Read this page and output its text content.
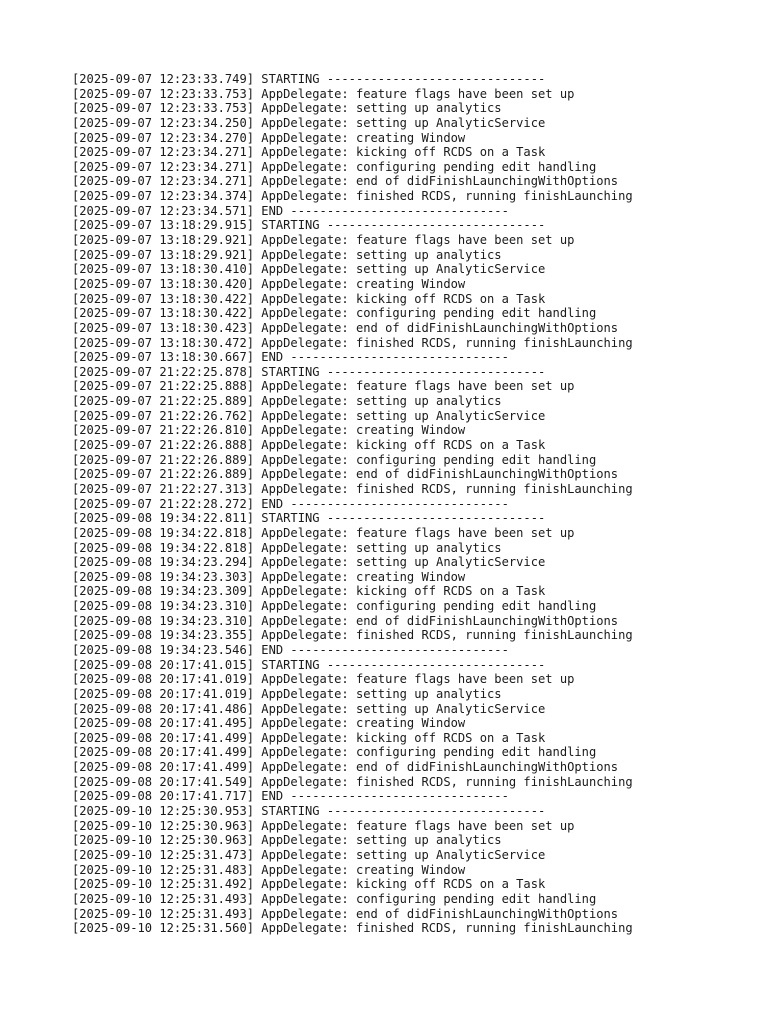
[2025-09-07 12:23:33.749] STARTING ------------------------------
[2025-09-07 12:23:33.753] AppDelegate: feature flags have been set up
[2025-09-07 12:23:33.753] AppDelegate: setting up analytics
[2025-09-07 12:23:34.250] AppDelegate: setting up AnalyticService
[2025-09-07 12:23:34.270] AppDelegate: creating Window
[2025-09-07 12:23:34.271] AppDelegate: kicking off RCDS on a Task
[2025-09-07 12:23:34.271] AppDelegate: configuring pending edit handling
[2025-09-07 12:23:34.271] AppDelegate: end of didFinishLaunchingWithOptions
[2025-09-07 12:23:34.374] AppDelegate: finished RCDS, running finishLaunching
[2025-09-07 12:23:34.571] END ------------------------------
[2025-09-07 13:18:29.915] STARTING ------------------------------
[2025-09-07 13:18:29.921] AppDelegate: feature flags have been set up
[2025-09-07 13:18:29.921] AppDelegate: setting up analytics
[2025-09-07 13:18:30.410] AppDelegate: setting up AnalyticService
[2025-09-07 13:18:30.420] AppDelegate: creating Window
[2025-09-07 13:18:30.422] AppDelegate: kicking off RCDS on a Task
[2025-09-07 13:18:30.422] AppDelegate: configuring pending edit handling
[2025-09-07 13:18:30.423] AppDelegate: end of didFinishLaunchingWithOptions
[2025-09-07 13:18:30.472] AppDelegate: finished RCDS, running finishLaunching
[2025-09-07 13:18:30.667] END ------------------------------
[2025-09-07 21:22:25.878] STARTING ------------------------------
[2025-09-07 21:22:25.888] AppDelegate: feature flags have been set up
[2025-09-07 21:22:25.889] AppDelegate: setting up analytics
[2025-09-07 21:22:26.762] AppDelegate: setting up AnalyticService
[2025-09-07 21:22:26.810] AppDelegate: creating Window
[2025-09-07 21:22:26.888] AppDelegate: kicking off RCDS on a Task
[2025-09-07 21:22:26.889] AppDelegate: configuring pending edit handling
[2025-09-07 21:22:26.889] AppDelegate: end of didFinishLaunchingWithOptions
[2025-09-07 21:22:27.313] AppDelegate: finished RCDS, running finishLaunching
[2025-09-07 21:22:28.272] END ------------------------------
[2025-09-08 19:34:22.811] STARTING ------------------------------
[2025-09-08 19:34:22.818] AppDelegate: feature flags have been set up
[2025-09-08 19:34:22.818] AppDelegate: setting up analytics
[2025-09-08 19:34:23.294] AppDelegate: setting up AnalyticService
[2025-09-08 19:34:23.303] AppDelegate: creating Window
[2025-09-08 19:34:23.309] AppDelegate: kicking off RCDS on a Task
[2025-09-08 19:34:23.310] AppDelegate: configuring pending edit handling
[2025-09-08 19:34:23.310] AppDelegate: end of didFinishLaunchingWithOptions
[2025-09-08 19:34:23.355] AppDelegate: finished RCDS, running finishLaunching
[2025-09-08 19:34:23.546] END ------------------------------
[2025-09-08 20:17:41.015] STARTING ------------------------------
[2025-09-08 20:17:41.019] AppDelegate: feature flags have been set up
[2025-09-08 20:17:41.019] AppDelegate: setting up analytics
[2025-09-08 20:17:41.486] AppDelegate: setting up AnalyticService
[2025-09-08 20:17:41.495] AppDelegate: creating Window
[2025-09-08 20:17:41.499] AppDelegate: kicking off RCDS on a Task
[2025-09-08 20:17:41.499] AppDelegate: configuring pending edit handling
[2025-09-08 20:17:41.499] AppDelegate: end of didFinishLaunchingWithOptions
[2025-09-08 20:17:41.549] AppDelegate: finished RCDS, running finishLaunching
[2025-09-08 20:17:41.717] END ------------------------------
[2025-09-10 12:25:30.953] STARTING ------------------------------
[2025-09-10 12:25:30.963] AppDelegate: feature flags have been set up
[2025-09-10 12:25:30.963] AppDelegate: setting up analytics
[2025-09-10 12:25:31.473] AppDelegate: setting up AnalyticService
[2025-09-10 12:25:31.483] AppDelegate: creating Window
[2025-09-10 12:25:31.492] AppDelegate: kicking off RCDS on a Task
[2025-09-10 12:25:31.493] AppDelegate: configuring pending edit handling
[2025-09-10 12:25:31.493] AppDelegate: end of didFinishLaunchingWithOptions
[2025-09-10 12:25:31.560] AppDelegate: finished RCDS, running finishLaunching
